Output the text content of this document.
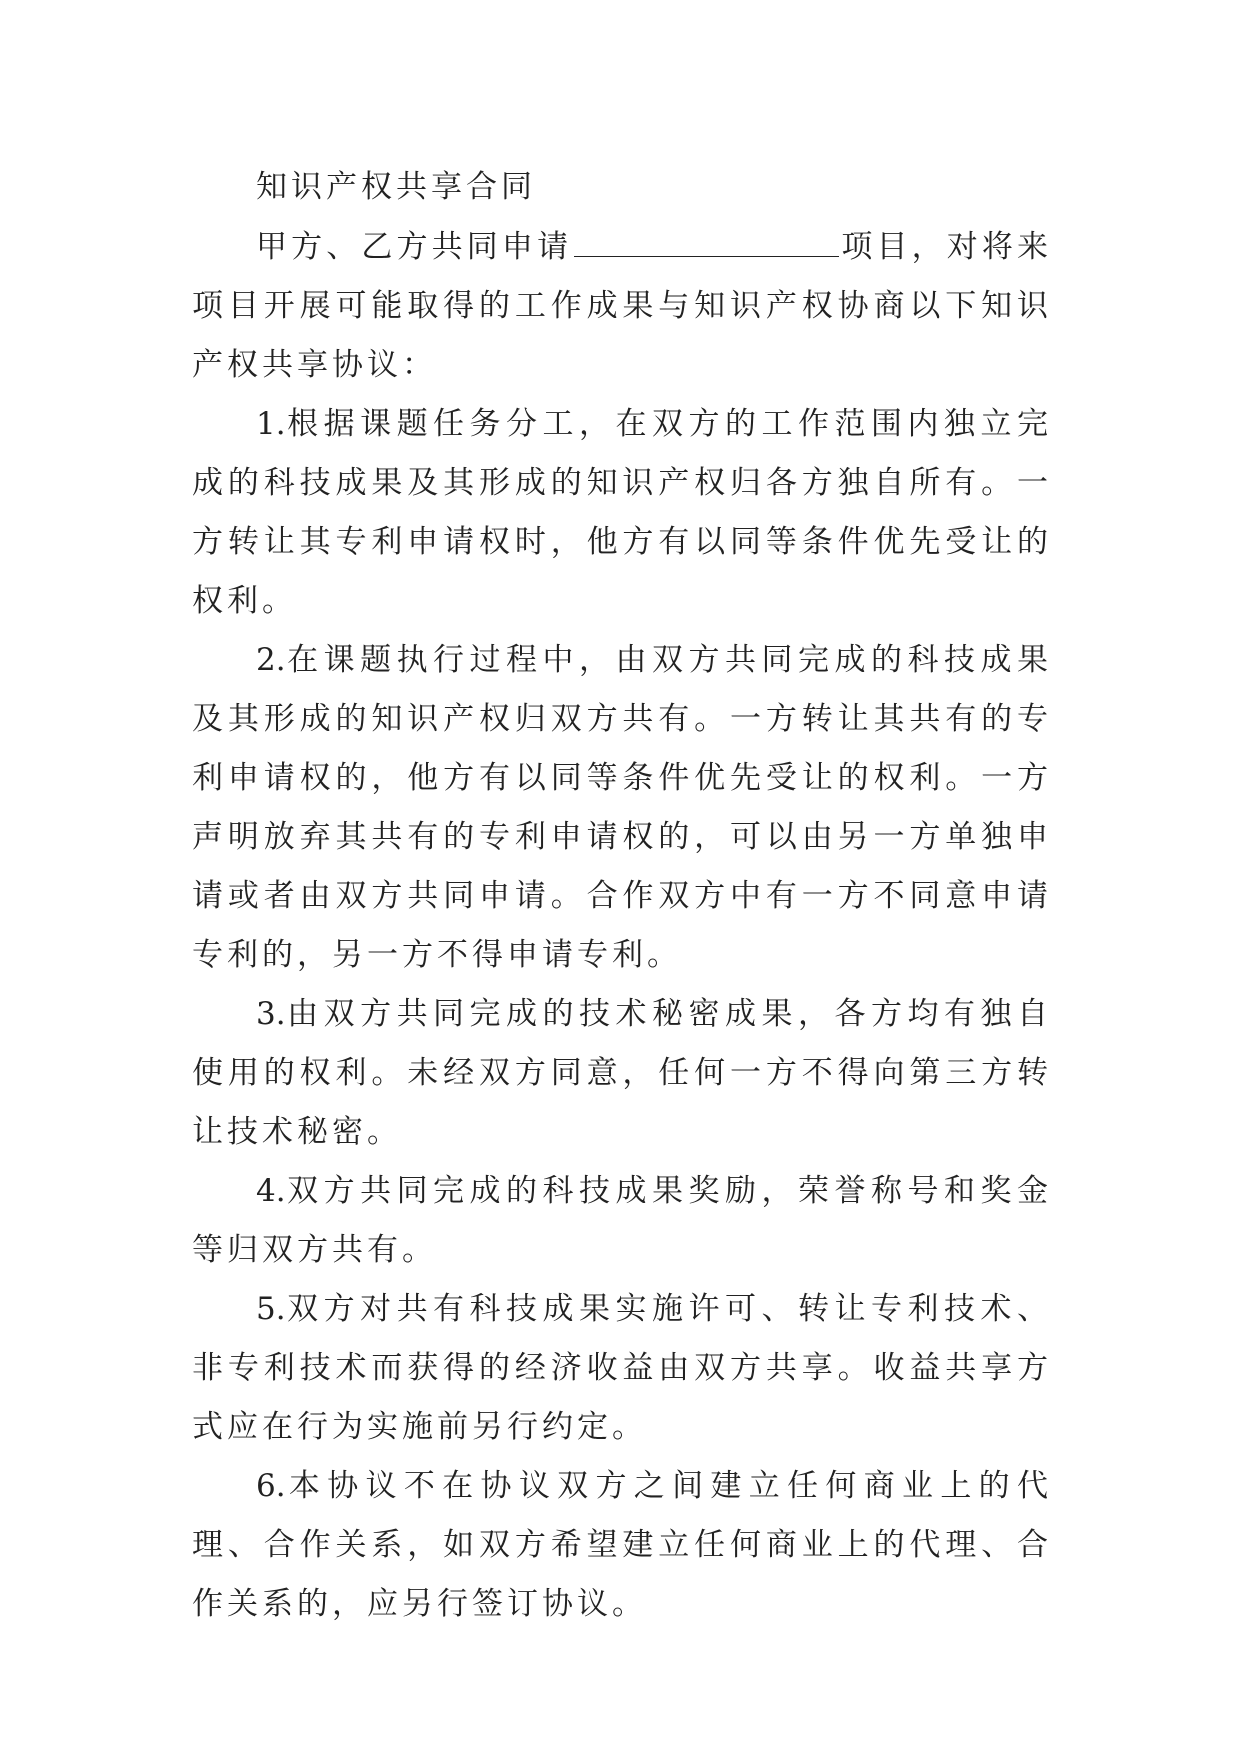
知识产权共享合同

甲方、乙方共同申请	项目，对将来项目开展可能取得的工作成果与知识产权协商以下知识产权共享协议：

1.根据课题任务分工，在双方的工作范围内独立完成的科技成果及其形成的知识产权归各方独自所有。一方转让其专利申请权时，他方有以同等条件优先受让的权利。

2.在课题执行过程中，由双方共同完成的科技成果及其形成的知识产权归双方共有。一方转让其共有的专利申请权的，他方有以同等条件优先受让的权利。一方声明放弃其共有的专利申请权的，可以由另一方单独申请或者由双方共同申请。合作双方中有一方不同意申请专利的，另一方不得申请专利。

3.由双方共同完成的技术秘密成果，各方均有独自使用的权利。未经双方同意，任何一方不得向第三方转让技术秘密。

4.双方共同完成的科技成果奖励，荣誉称号和奖金等归双方共有。

5.双方对共有科技成果实施许可、转让专利技术、非专利技术而获得的经济收益由双方共享。收益共享方式应在行为实施前另行约定。

6.本协议不在协议双方之间建立任何商业上的代理、合作关系，如双方希望建立任何商业上的代理、合作关系的，应另行签订协议。
